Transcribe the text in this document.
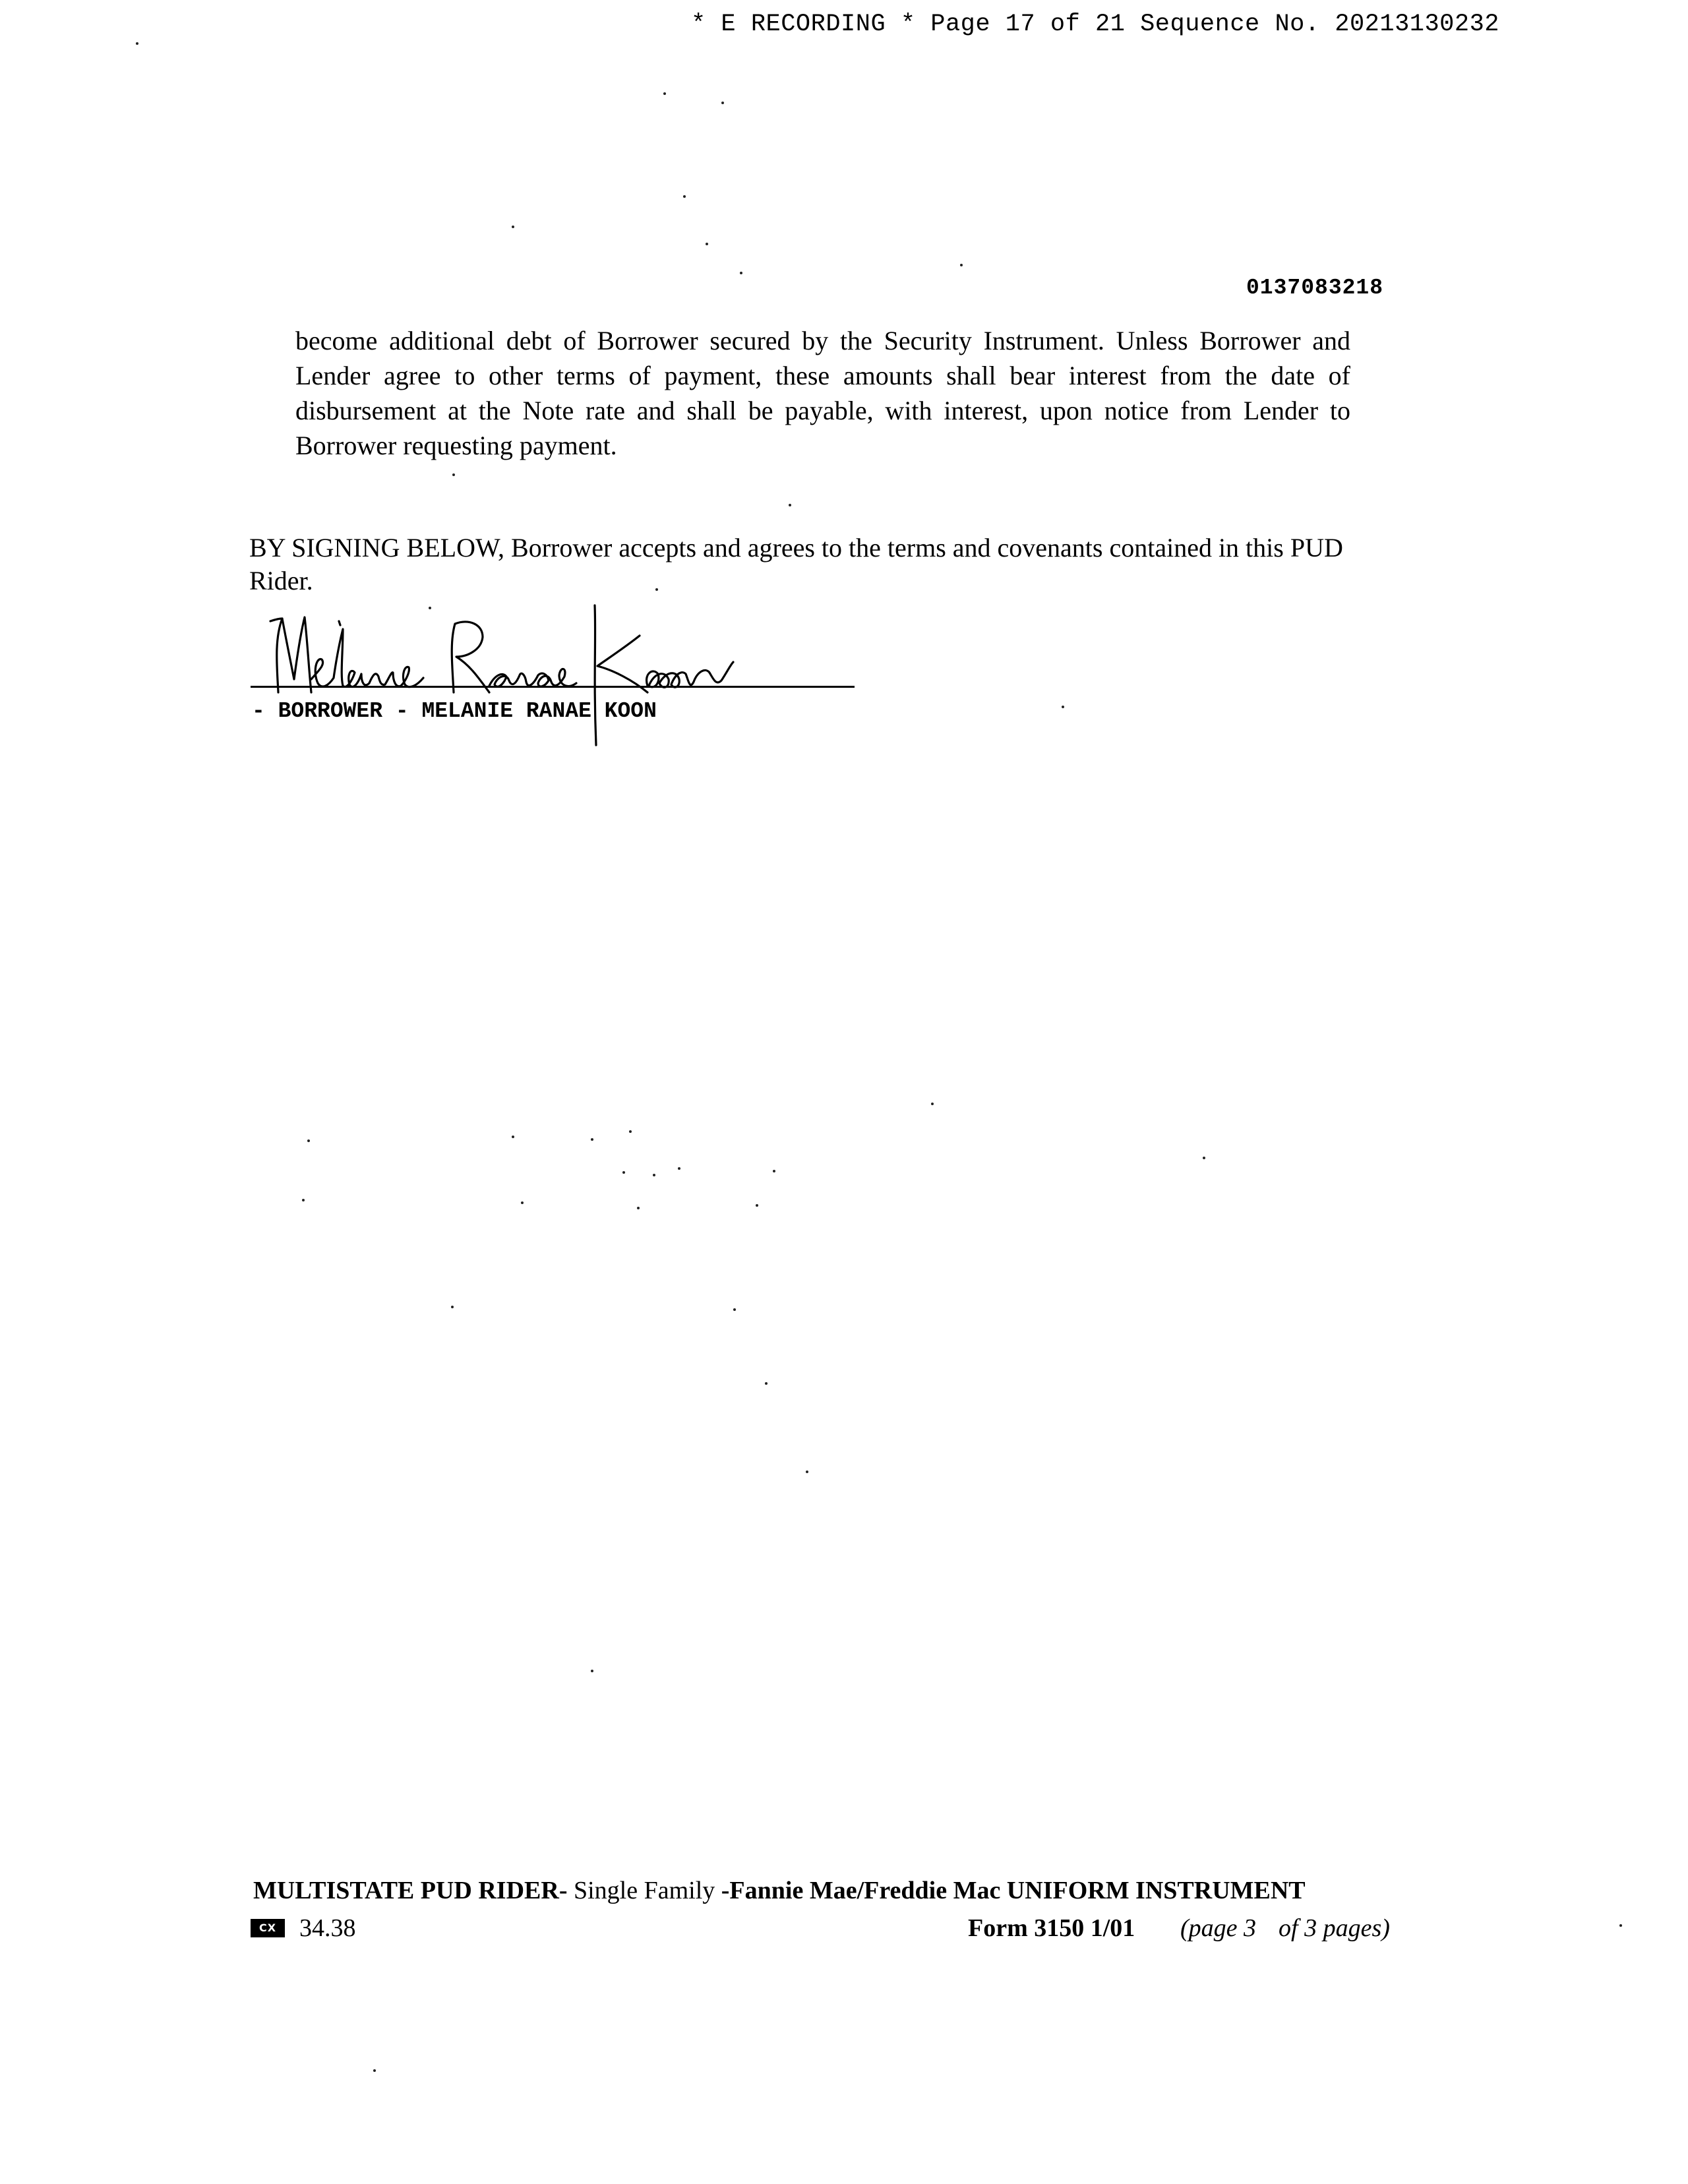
* E RECORDING * Page 17 of 21 Sequence No. 20213130232
0137083218
become additional debt of Borrower secured by the Security Instrument. Unless Borrower and Lender agree to other terms of payment, these amounts shall bear interest from the date of disbursement at the Note rate and shall be payable, with interest, upon notice from Lender to Borrower requesting payment.
BY SIGNING BELOW, Borrower accepts and agrees to the terms and covenants contained in this PUD Rider.
- BORROWER - MELANIE RANAE KOON
MULTISTATE PUD RIDER- Single Family -Fannie Mae/Freddie Mac UNIFORM INSTRUMENT
CX 34.38	Form 3150 1/01 (page 3 of 3 pages)
